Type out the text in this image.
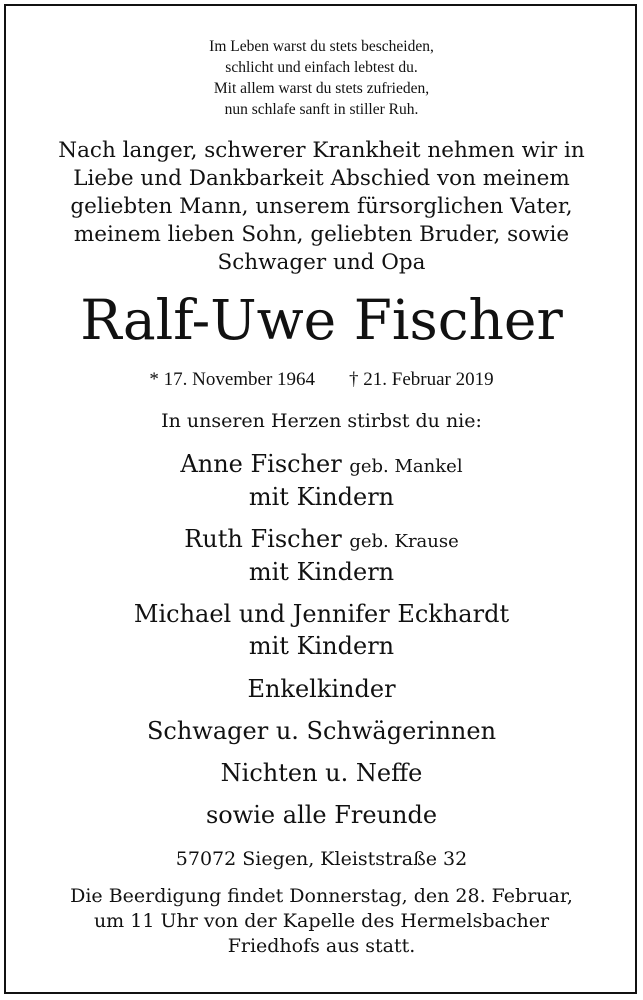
Im Leben warst du stets bescheiden,
schlicht und einfach lebtest du.
Mit allem warst du stets zufrieden,
nun schlafe sanft in stiller Ruh.
Nach langer, schwerer Krankheit nehmen wir in
Liebe und Dankbarkeit Abschied von meinem
geliebten Mann, unserem fürsorglichen Vater,
meinem lieben Sohn, geliebten Bruder, sowie
Schwager und Opa
Ralf-Uwe Fischer
* 17. November 1964 † 21. Februar 2019
In unseren Herzen stirbst du nie:
Anne Fischer geb. Mankel
mit Kindern
Ruth Fischer geb. Krause
mit Kindern
Michael und Jennifer Eckhardt
mit Kindern
Enkelkinder
Schwager u. Schwägerinnen
Nichten u. Neffe
sowie alle Freunde
57072 Siegen, Kleiststraße 32
Die Beerdigung findet Donnerstag, den 28. Februar,
um 11 Uhr von der Kapelle des Hermelsbacher
Friedhofs aus statt.
